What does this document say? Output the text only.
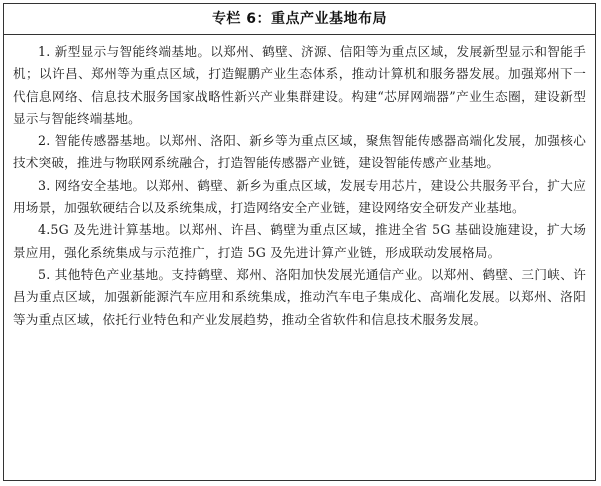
专栏 6：重点产业基地布局

1. 新型显示与智能终端基地。以郑州、鹤壁、济源、信阳等为重点区域，发展新型显示和智能手机；以许昌、郑州等为重点区域，打造鲲鹏产业生态体系，推动计算机和服务器发展。加强郑州下一代信息网络、信息技术服务国家战略性新兴产业集群建设。构建“芯屏网端器”产业生态圈，建设新型显示与智能终端基地。

2. 智能传感器基地。以郑州、洛阳、新乡等为重点区域，聚焦智能传感器高端化发展，加强核心技术突破，推进与物联网系统融合，打造智能传感器产业链，建设智能传感产业基地。

3. 网络安全基地。以郑州、鹤壁、新乡为重点区域，发展专用芯片，建设公共服务平台，扩大应用场景，加强软硬结合以及系统集成，打造网络安全产业链，建设网络安全研发产业基地。

4.5G 及先进计算基地。以郑州、许昌、鹤壁为重点区域，推进全省 5G 基础设施建设，扩大场景应用，强化系统集成与示范推广，打造 5G 及先进计算产业链，形成联动发展格局。

5. 其他特色产业基地。支持鹤壁、郑州、洛阳加快发展光通信产业。以郑州、鹤壁、三门峡、许昌为重点区域，加强新能源汽车应用和系统集成，推动汽车电子集成化、高端化发展。以郑州、洛阳等为重点区域，依托行业特色和产业发展趋势，推动全省软件和信息技术服务发展。
